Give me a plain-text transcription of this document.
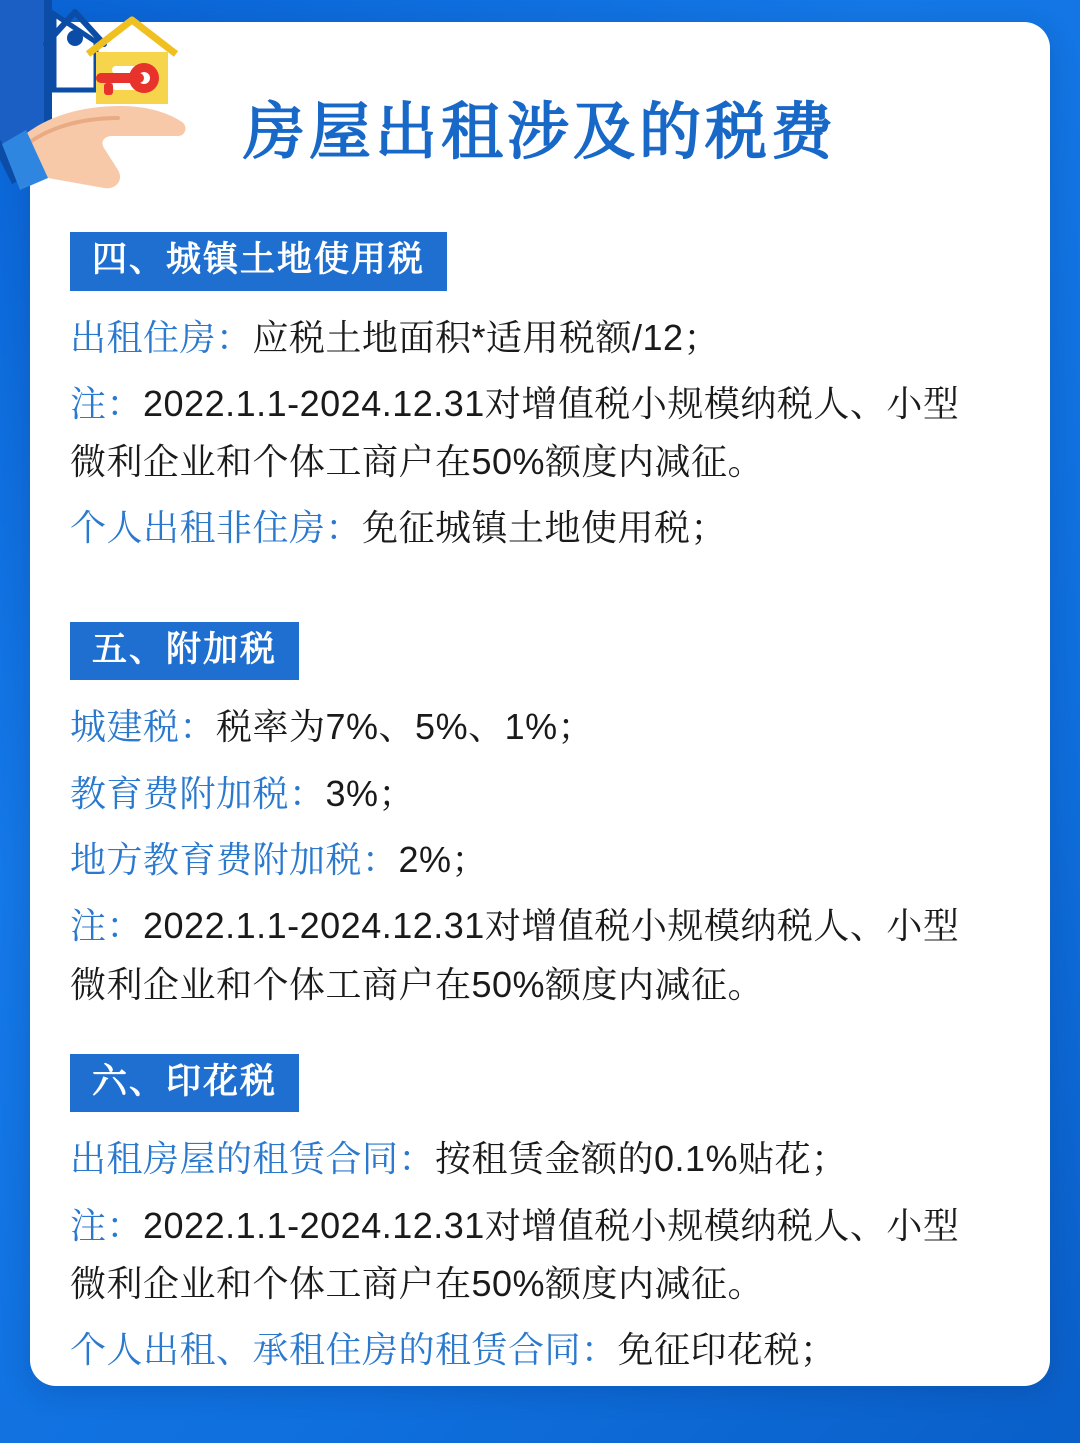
房屋出租涉及的税费
四、城镇土地使用税

出租住房：应税土地面积*适用税额/12；

注：2022.1.1-2024.12.31对增值税小规模纳税人、小型微利企业和个体工商户在50%额度内减征。

个人出租非住房：免征城镇土地使用税；

五、附加税

城建税：税率为7%、5%、1%；

教育费附加税：3%；

地方教育费附加税：2%；

注：2022.1.1-2024.12.31对增值税小规模纳税人、小型微利企业和个体工商户在50%额度内减征。

六、印花税

出租房屋的租赁合同：按租赁金额的0.1%贴花；

注：2022.1.1-2024.12.31对增值税小规模纳税人、小型微利企业和个体工商户在50%额度内减征。

个人出租、承租住房的租赁合同：免征印花税；
